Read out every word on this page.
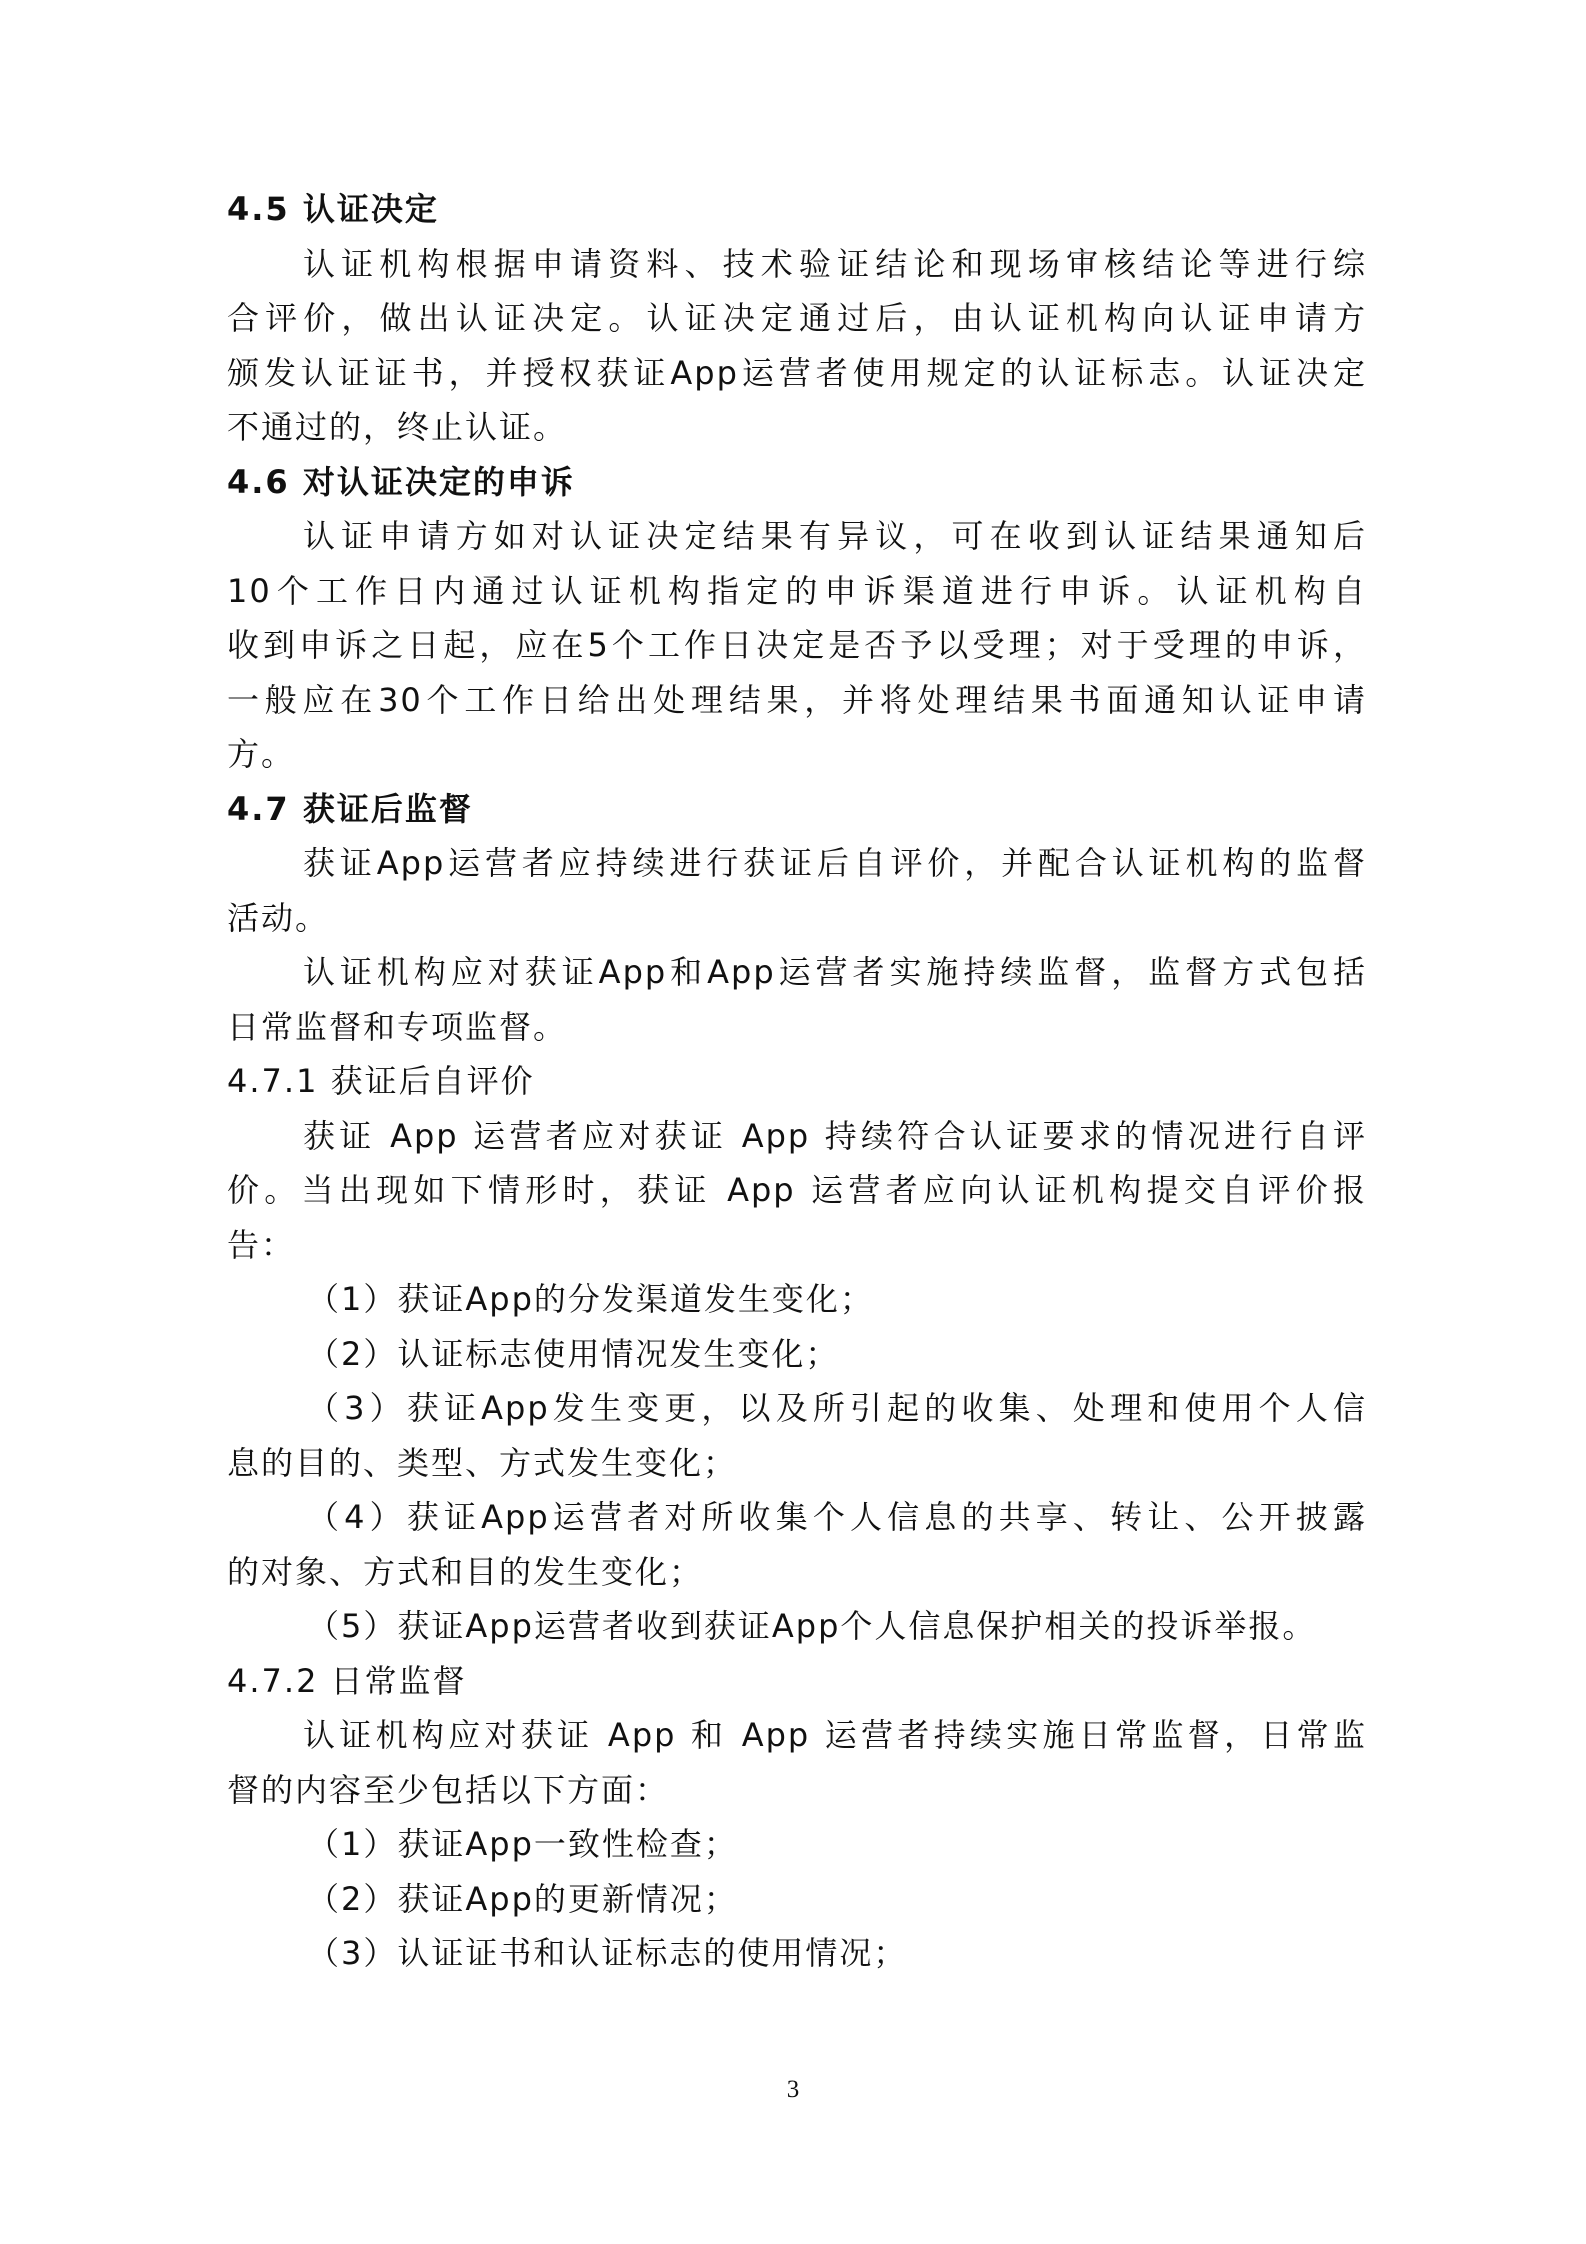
4.5 认证决定
认证机构根据申请资料、技术验证结论和现场审核结论等进行综
合评价，做出认证决定。认证决定通过后，由认证机构向认证申请方
颁发认证证书，并授权获证App运营者使用规定的认证标志。认证决定
不通过的，终止认证。
4.6 对认证决定的申诉
认证申请方如对认证决定结果有异议，可在收到认证结果通知后
10个工作日内通过认证机构指定的申诉渠道进行申诉。认证机构自
收到申诉之日起，应在5个工作日决定是否予以受理；对于受理的申诉，
一般应在30个工作日给出处理结果，并将处理结果书面通知认证申请
方。
4.7 获证后监督
获证App运营者应持续进行获证后自评价，并配合认证机构的监督
活动。
认证机构应对获证App和App运营者实施持续监督，监督方式包括
日常监督和专项监督。
4.7.1 获证后自评价
获证 App 运营者应对获证 App 持续符合认证要求的情况进行自评
价。当出现如下情形时，获证 App 运营者应向认证机构提交自评价报
告：
（1）获证App的分发渠道发生变化；
（2）认证标志使用情况发生变化；
（3）获证App发生变更，以及所引起的收集、处理和使用个人信
息的目的、类型、方式发生变化；
（4）获证App运营者对所收集个人信息的共享、转让、公开披露
的对象、方式和目的发生变化；
（5）获证App运营者收到获证App个人信息保护相关的投诉举报。
4.7.2 日常监督
认证机构应对获证 App 和 App 运营者持续实施日常监督，日常监
督的内容至少包括以下方面：
（1）获证App一致性检查；
（2）获证App的更新情况；
（3）认证证书和认证标志的使用情况；
3
